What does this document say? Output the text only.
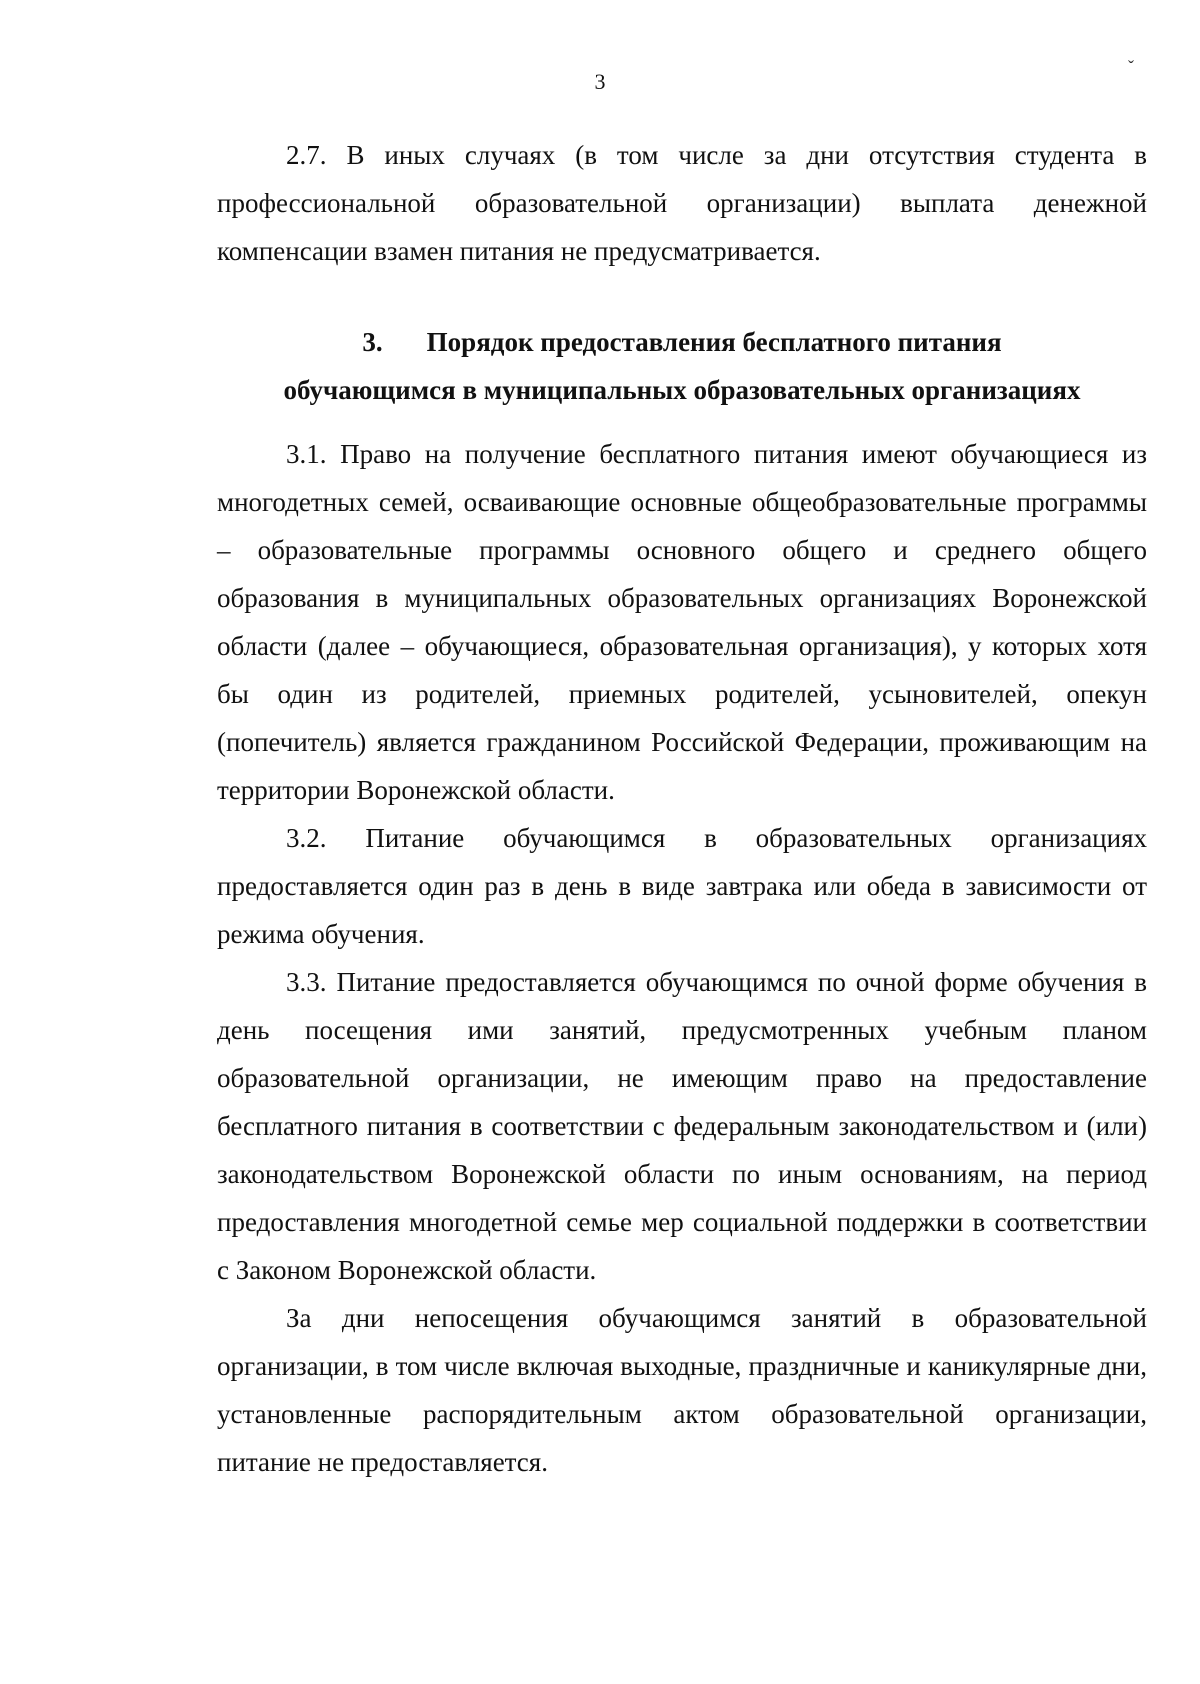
3
ˇ

2.7. В иных случаях (в том числе за дни отсутствия студента в профессиональной образовательной организации) выплата денежной компенсации взамен питания не предусматривается.

3. Порядок предоставления бесплатного питания
обучающимся в муниципальных образовательных организациях

3.1. Право на получение бесплатного питания имеют обучающиеся из многодетных семей, осваивающие основные общеобразовательные программы – образовательные программы основного общего и среднего общего образования в муниципальных образовательных организациях Воронежской области (далее – обучающиеся, образовательная организация), у которых хотя бы один из родителей, приемных родителей, усыновителей, опекун (попечитель) является гражданином Российской Федерации, проживающим на территории Воронежской области.

3.2. Питание обучающимся в образовательных организациях предоставляется один раз в день в виде завтрака или обеда в зависимости от режима обучения.

3.3. Питание предоставляется обучающимся по очной форме обучения в день посещения ими занятий, предусмотренных учебным планом образовательной организации, не имеющим право на предоставление бесплатного питания в соответствии с федеральным законодательством и (или) законодательством Воронежской области по иным основаниям, на период предоставления многодетной семье мер социальной поддержки в соответствии с Законом Воронежской области.

За дни непосещения обучающимся занятий в образовательной организации, в том числе включая выходные, праздничные и каникулярные дни, установленные распорядительным актом образовательной организации, питание не предоставляется.
